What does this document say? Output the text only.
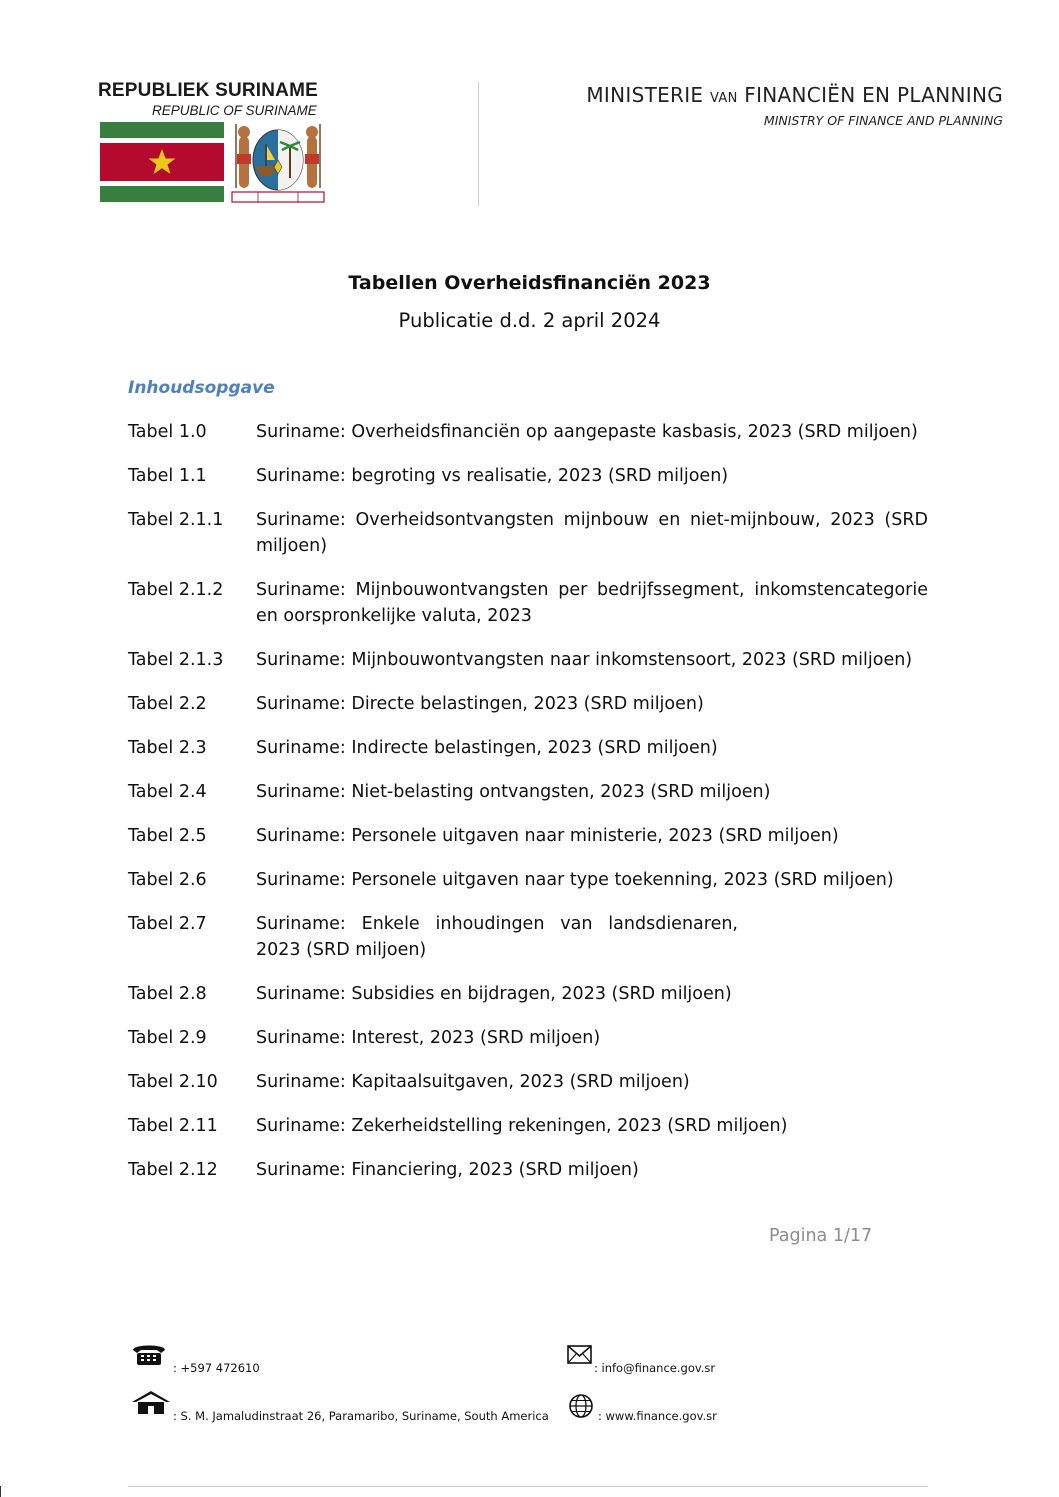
REPUBLIEK SURINAME
REPUBLIC OF SURINAME
MINISTERIE VAN FINANCIËN EN PLANNING
MINISTRY OF FINANCE AND PLANNING
Tabellen Overheidsfinanciën 2023
Publicatie d.d. 2 april 2024
Inhoudsopgave
Tabel 1.0	Suriname: Overheidsfinanciën op aangepaste kasbasis, 2023 (SRD miljoen)
Tabel 1.1	Suriname: begroting vs realisatie, 2023 (SRD miljoen)
Tabel 2.1.1	Suriname: Overheidsontvangsten mijnbouw en niet-mijnbouw, 2023 (SRD miljoen)
Tabel 2.1.2	Suriname: Mijnbouwontvangsten per bedrijfssegment, inkomstencategorie en oorspronkelijke valuta, 2023
Tabel 2.1.3	Suriname: Mijnbouwontvangsten naar inkomstensoort, 2023 (SRD miljoen)
Tabel 2.2	Suriname: Directe belastingen, 2023 (SRD miljoen)
Tabel 2.3	Suriname: Indirecte belastingen, 2023 (SRD miljoen)
Tabel 2.4	Suriname: Niet-belasting ontvangsten, 2023 (SRD miljoen)
Tabel 2.5	Suriname: Personele uitgaven naar ministerie, 2023 (SRD miljoen)
Tabel 2.6	Suriname: Personele uitgaven naar type toekenning, 2023 (SRD miljoen)
Tabel 2.7	Suriname: Enkele inhoudingen van landsdienaren, 2023 (SRD miljoen)
Tabel 2.8	Suriname: Subsidies en bijdragen, 2023 (SRD miljoen)
Tabel 2.9	Suriname: Interest, 2023 (SRD miljoen)
Tabel 2.10	Suriname: Kapitaalsuitgaven, 2023 (SRD miljoen)
Tabel 2.11	Suriname: Zekerheidstelling rekeningen, 2023 (SRD miljoen)
Tabel 2.12	Suriname: Financiering, 2023 (SRD miljoen)
Pagina 1/17
: +597 472610	: info@finance.gov.sr
: S. M. Jamaludinstraat 26, Paramaribo, Suriname, South America	: www.finance.gov.sr
